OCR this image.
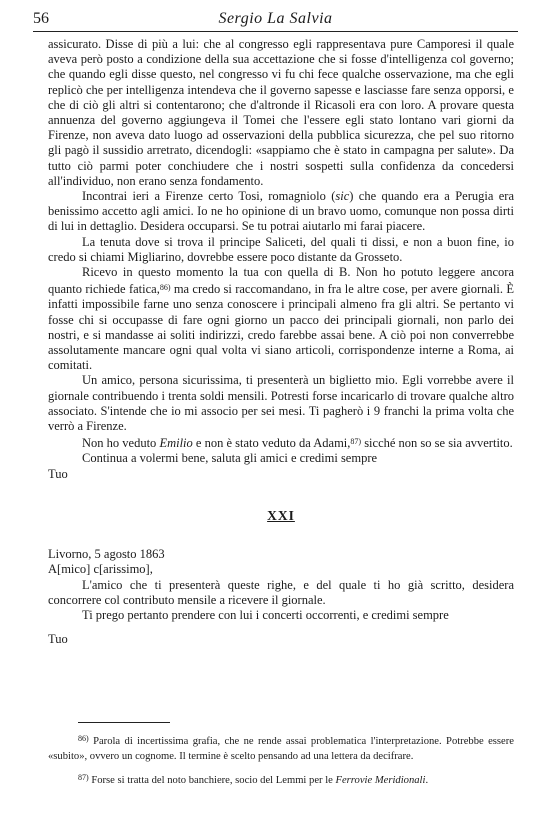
56	Sergio La Salvia

assicurato. Disse di più a lui: che al congresso egli rappresentava pure Camporesi il quale aveva però posto a condizione della sua accettazione che si fosse d'intelligenza col governo; che quando egli disse questo, nel congresso vi fu chi fece qualche osservazione, ma che egli replicò che per intelligenza intendeva che il governo sapesse e lasciasse fare senza opporsi, e che di ciò gli altri si contentarono; che d'altronde il Ricasoli era con loro. A provare questa annuenza del governo aggiungeva il Tomei che l'essere egli stato lontano vari giorni da Firenze, non aveva dato luogo ad osservazioni della pubblica sicurezza, che pel suo ritorno gli pagò il sussidio arretrato, dicendogli: «sappiamo che è stato in campagna per salute». Da tutto ciò parmi poter conchiudere che i nostri sospetti sulla confidenza da concedersi all'individuo, non erano senza fondamento.

Incontrai ieri a Firenze certo Tosi, romagniolo (sic) che quando era a Perugia era benissimo accetto agli amici. Io ne ho opinione di un bravo uomo, comunque non possa dirti di lui in dettaglio. Desidera occuparsi. Se tu potrai aiutarlo mi farai piacere.

La tenuta dove si trova il principe Saliceti, del quali ti dissi, e non a buon fine, io credo si chiami Migliarino, dovrebbe essere poco distante da Grosseto.

Ricevo in questo momento la tua con quella di B. Non ho potuto leggere ancora quanto richiede fatica,$^{86)}$ ma credo si raccomandano, in fra le altre cose, per avere giornali. È infatti impossibile farne uno senza conoscere i principali almeno fra gli altri. Se pertanto vi fosse chi si occupasse di fare ogni giorno un pacco dei principali giornali, non parlo dei nostri, e si mandasse ai soliti indirizzi, credo farebbe assai bene. A ciò poi non converrebbe assolutamente mancare ogni qual volta vi siano articoli, corrispondenze interne a Roma, ai comitati.

Un amico, persona sicurissima, ti presenterà un biglietto mio. Egli vorrebbe avere il giornale contribuendo i trenta soldi mensili. Potresti forse incaricarlo di trovare qualche altro associato. S'intende che io mi associo per sei mesi. Ti pagherò i 9 franchi la prima volta che verrò a Firenze.

Non ho veduto Emilio e non è stato veduto da Adami,$^{87)}$ sicché non so se sia avvertito.

Continua a volermi bene, saluta gli amici e credimi sempre

Tuo

XXI

Livorno, 5 agosto 1863

A[mico] c[arissimo],

L'amico che ti presenterà queste righe, e del quale ti ho già scritto, desidera concorrere col contributo mensile a ricevere il giornale.

Ti prego pertanto prendere con lui i concerti occorrenti, e credimi sempre

Tuo

$^{86)}$ Parola di incertissima grafia, che ne rende assai problematica l'interpretazione. Potrebbe essere «subito», ovvero un cognome. Il termine è scelto pensando ad una lettera da decifrare.

$^{87)}$ Forse si tratta del noto banchiere, socio del Lemmi per le Ferrovie Meridionali.
